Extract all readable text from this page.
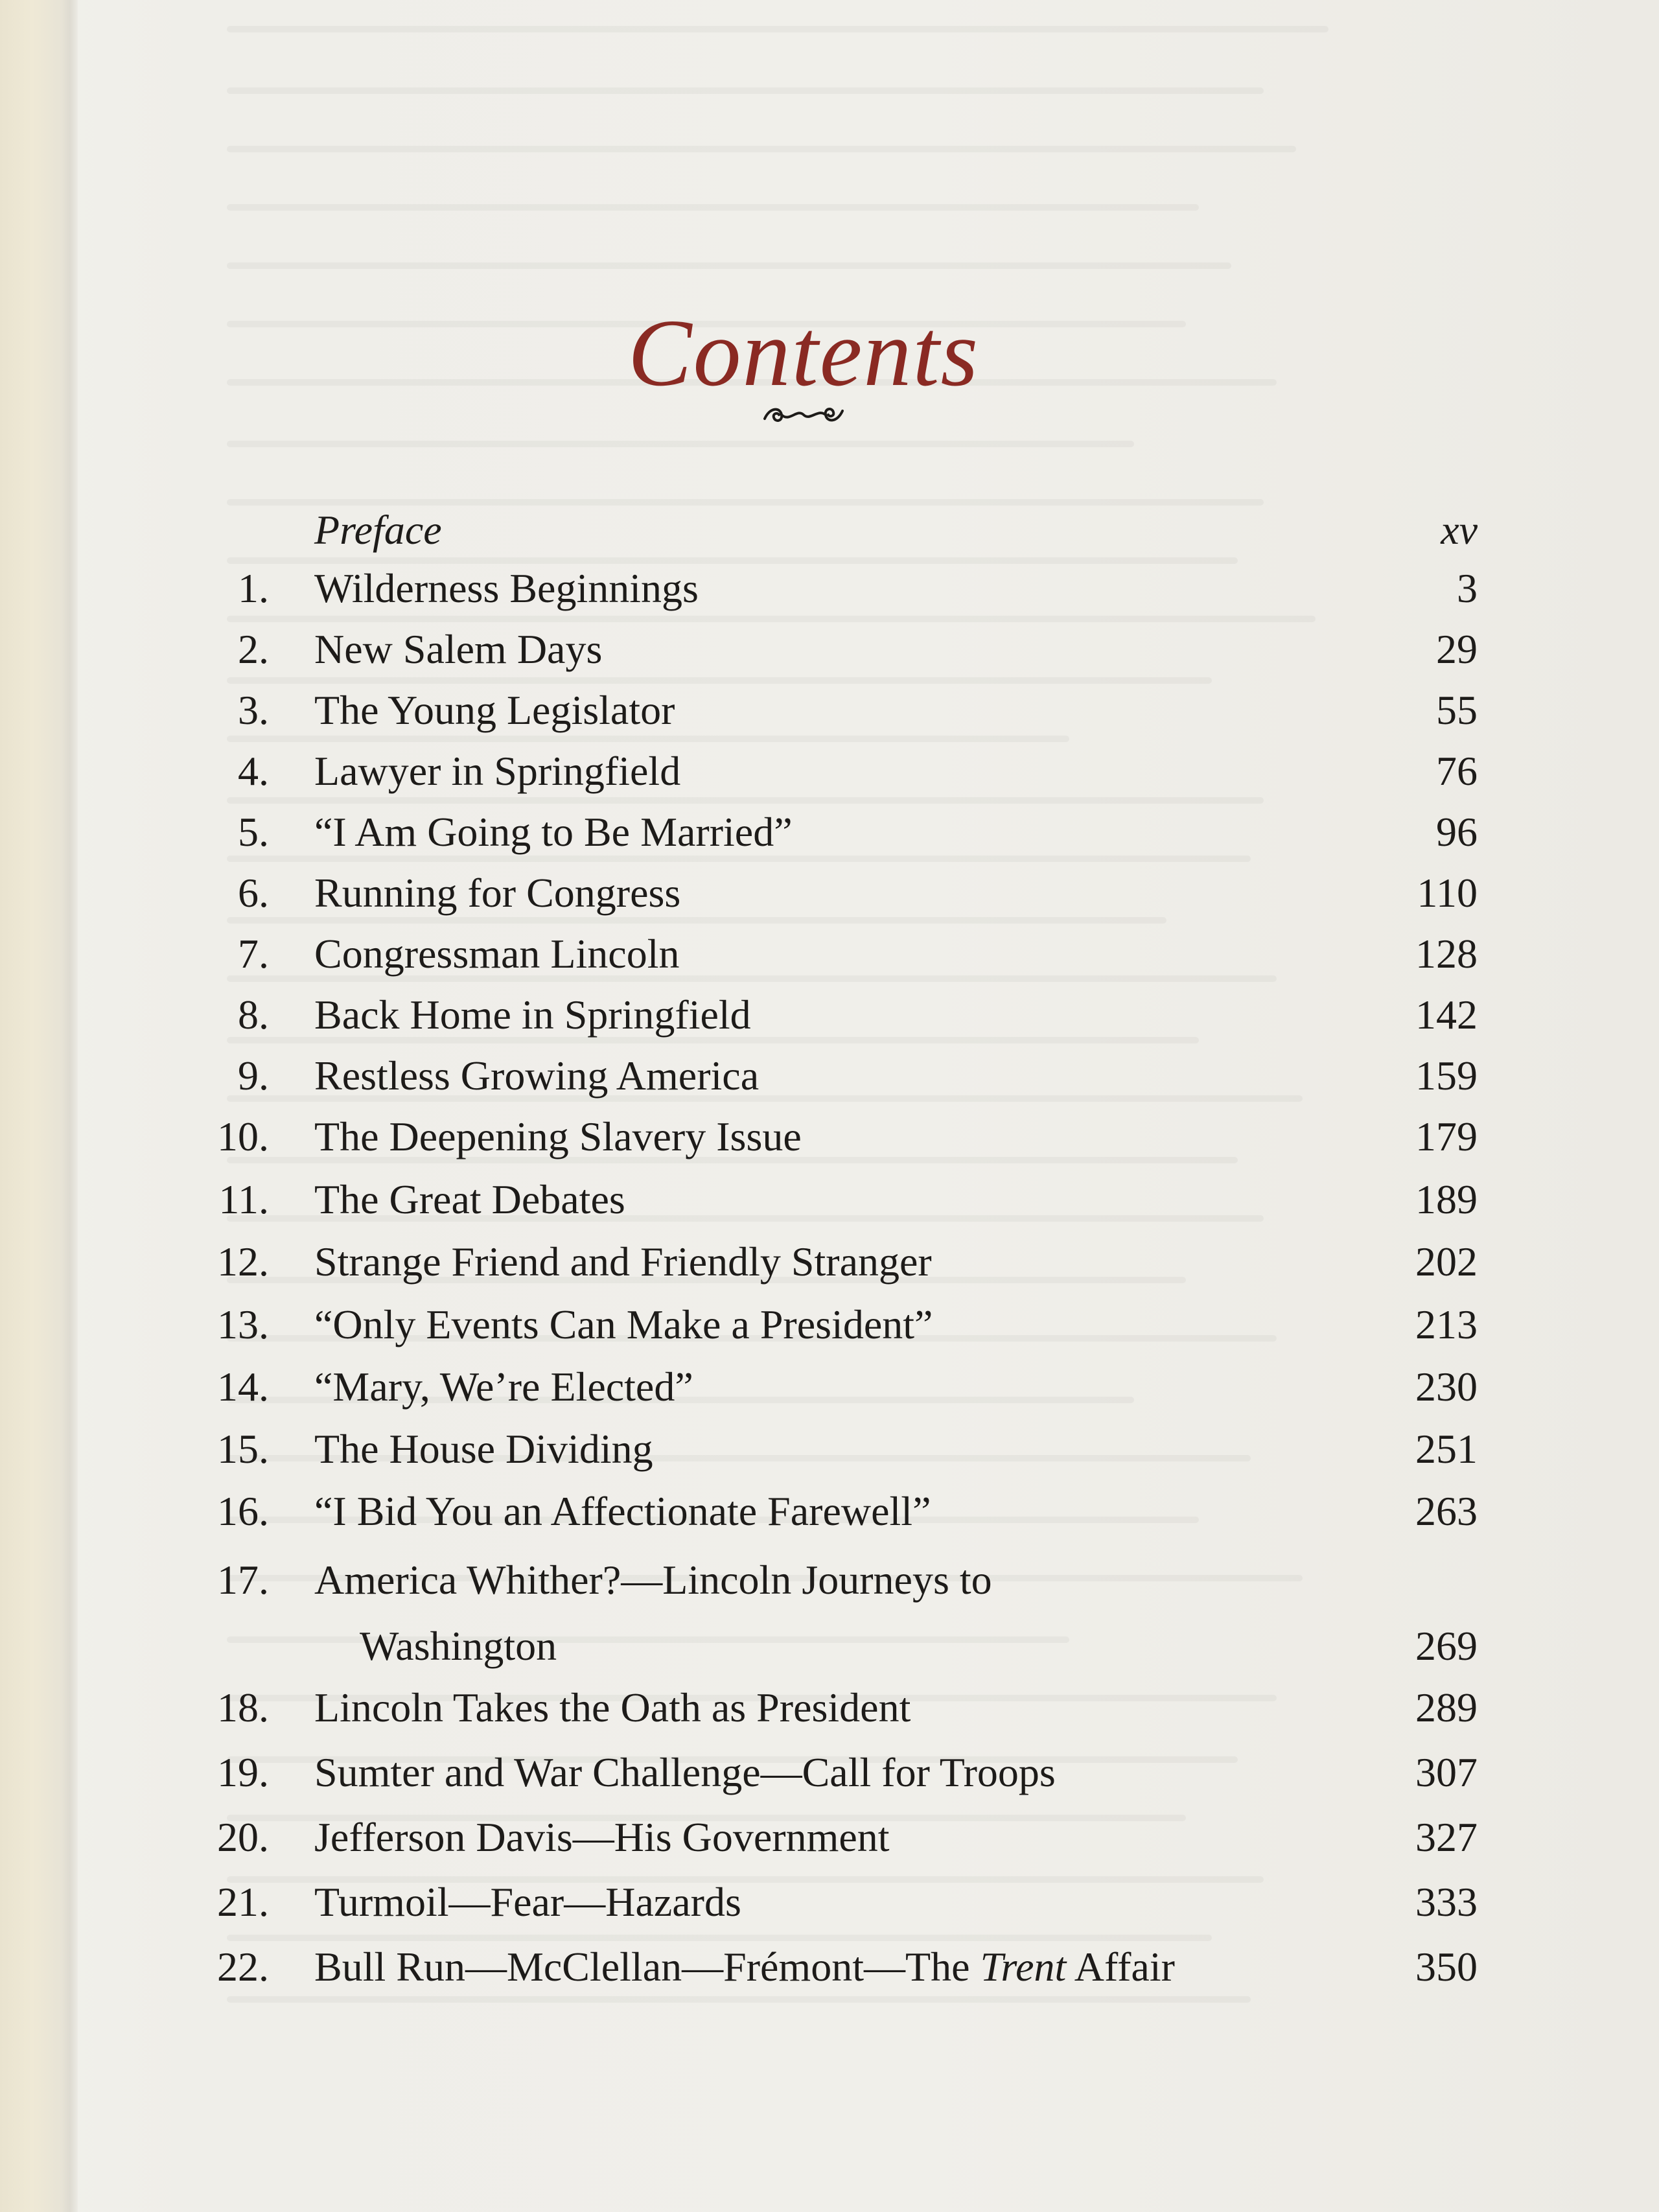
Contents
Preface	xv
1. Wilderness Beginnings	3
2. New Salem Days	29
3. The Young Legislator	55
4. Lawyer in Springfield	76
5. “I Am Going to Be Married”	96
6. Running for Congress	110
7. Congressman Lincoln	128
8. Back Home in Springfield	142
9. Restless Growing America	159
10. The Deepening Slavery Issue	179
11. The Great Debates	189
12. Strange Friend and Friendly Stranger	202
13. “Only Events Can Make a President”	213
14. “Mary, We’re Elected”	230
15. The House Dividing	251
16. “I Bid You an Affectionate Farewell”	263
17. America Whither?—Lincoln Journeys to
Washington	269
18. Lincoln Takes the Oath as President	289
19. Sumter and War Challenge—Call for Troops	307
20. Jefferson Davis—His Government	327
21. Turmoil—Fear—Hazards	333
22. Bull Run—McClellan—Frémont—The Trent Affair	350
